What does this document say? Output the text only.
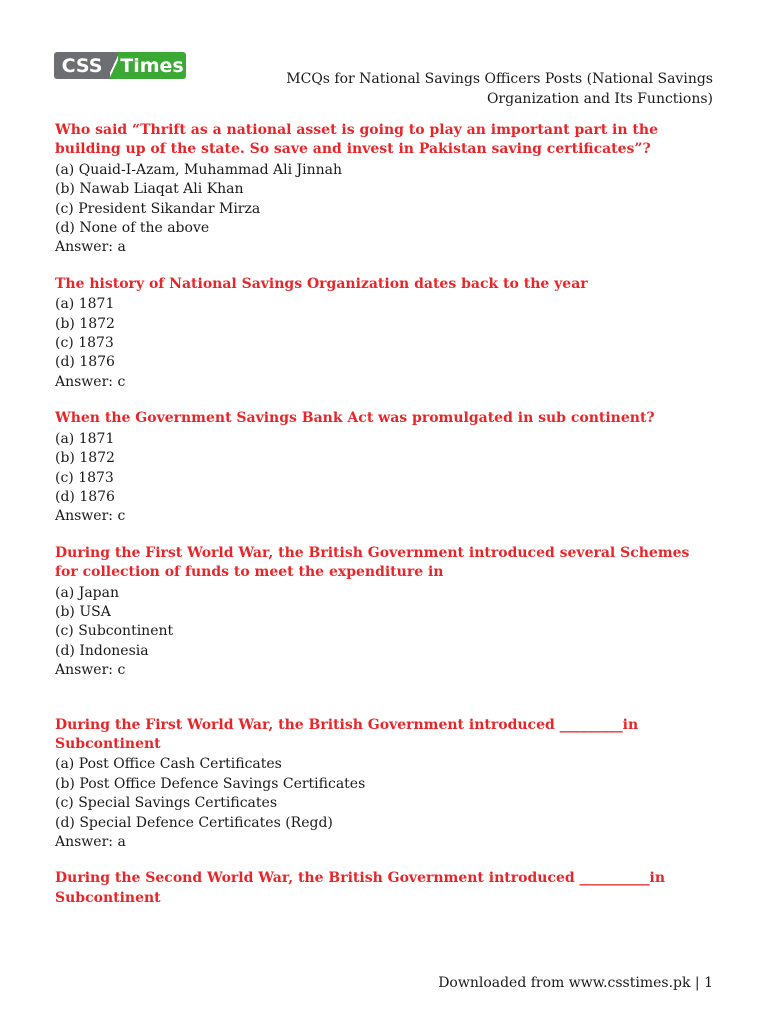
CSS Times
MCQs for National Savings Officers Posts (National Savings Organization and Its Functions)
Who said “Thrift as a national asset is going to play an important part in the building up of the state. So save and invest in Pakistan saving certificates”?
(a) Quaid-I-Azam, Muhammad Ali Jinnah
(b) Nawab Liaqat Ali Khan
(c) President Sikandar Mirza
(d) None of the above
Answer: a
The history of National Savings Organization dates back to the year
(a) 1871
(b) 1872
(c) 1873
(d) 1876
Answer: c
When the Government Savings Bank Act was promulgated in sub continent?
(a) 1871
(b) 1872
(c) 1873
(d) 1876
Answer: c
During the First World War, the British Government introduced several Schemes for collection of funds to meet the expenditure in
(a) Japan
(b) USA
(c) Subcontinent
(d) Indonesia
Answer: c
During the First World War, the British Government introduced _________in Subcontinent
(a) Post Office Cash Certificates
(b) Post Office Defence Savings Certificates
(c) Special Savings Certificates
(d) Special Defence Certificates (Regd)
Answer: a
During the Second World War, the British Government introduced __________in Subcontinent
Downloaded from www.csstimes.pk | 1
